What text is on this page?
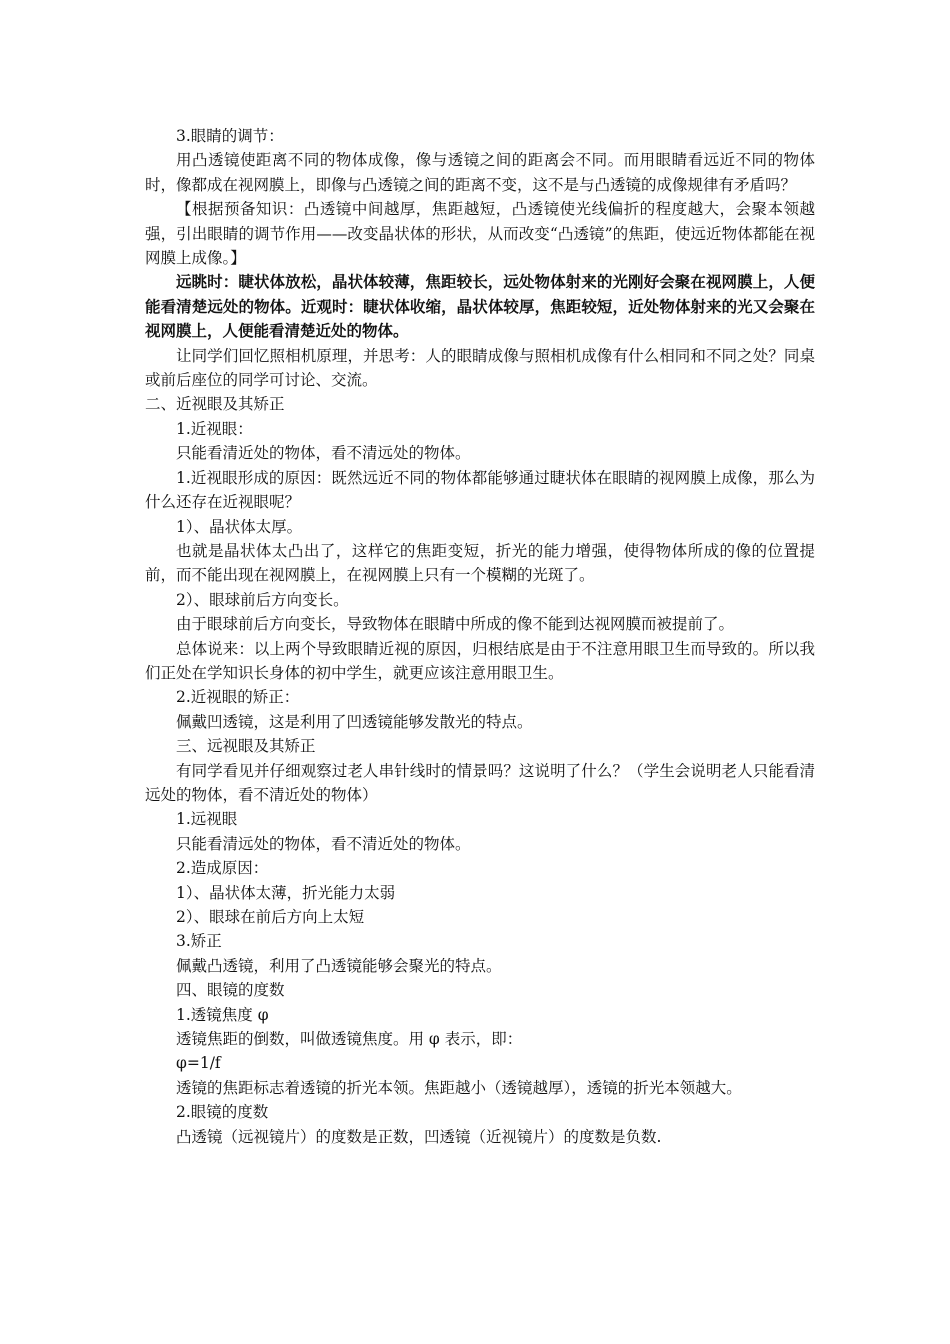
3.眼睛的调节：

用凸透镜使距离不同的物体成像，像与透镜之间的距离会不同。而用眼睛看远近不同的物体时，像都成在视网膜上，即像与凸透镜之间的距离不变，这不是与凸透镜的成像规律有矛盾吗？

【根据预备知识：凸透镜中间越厚，焦距越短，凸透镜使光线偏折的程度越大，会聚本领越强，引出眼睛的调节作用——改变晶状体的形状，从而改变“凸透镜”的焦距，使远近物体都能在视网膜上成像。】

远眺时：睫状体放松，晶状体较薄，焦距较长，远处物体射来的光刚好会聚在视网膜上，人便能看清楚远处的物体。近观时：睫状体收缩，晶状体较厚，焦距较短，近处物体射来的光又会聚在视网膜上，人便能看清楚近处的物体。

让同学们回忆照相机原理，并思考：人的眼睛成像与照相机成像有什么相同和不同之处？同桌或前后座位的同学可讨论、交流。

二、近视眼及其矫正

1.近视眼：

只能看清近处的物体，看不清远处的物体。

1.近视眼形成的原因：既然远近不同的物体都能够通过睫状体在眼睛的视网膜上成像，那么为什么还存在近视眼呢？

1）、晶状体太厚。

也就是晶状体太凸出了，这样它的焦距变短，折光的能力增强，使得物体所成的像的位置提前，而不能出现在视网膜上，在视网膜上只有一个模糊的光斑了。

2）、眼球前后方向变长。

由于眼球前后方向变长，导致物体在眼睛中所成的像不能到达视网膜而被提前了。

总体说来：以上两个导致眼睛近视的原因，归根结底是由于不注意用眼卫生而导致的。所以我们正处在学知识长身体的初中学生，就更应该注意用眼卫生。

2.近视眼的矫正：

佩戴凹透镜，这是利用了凹透镜能够发散光的特点。

三、远视眼及其矫正

有同学看见并仔细观察过老人串针线时的情景吗？这说明了什么？（学生会说明老人只能看清远处的物体，看不清近处的物体）

1.远视眼

只能看清远处的物体，看不清近处的物体。

2.造成原因：

1）、晶状体太薄，折光能力太弱

2）、眼球在前后方向上太短

3.矫正

佩戴凸透镜，利用了凸透镜能够会聚光的特点。

四、眼镜的度数

1.透镜焦度 φ

透镜焦距的倒数，叫做透镜焦度。用 φ 表示，即：

φ=1/f

透镜的焦距标志着透镜的折光本领。焦距越小（透镜越厚），透镜的折光本领越大。

2.眼镜的度数

凸透镜（远视镜片）的度数是正数，凹透镜（近视镜片）的度数是负数.
